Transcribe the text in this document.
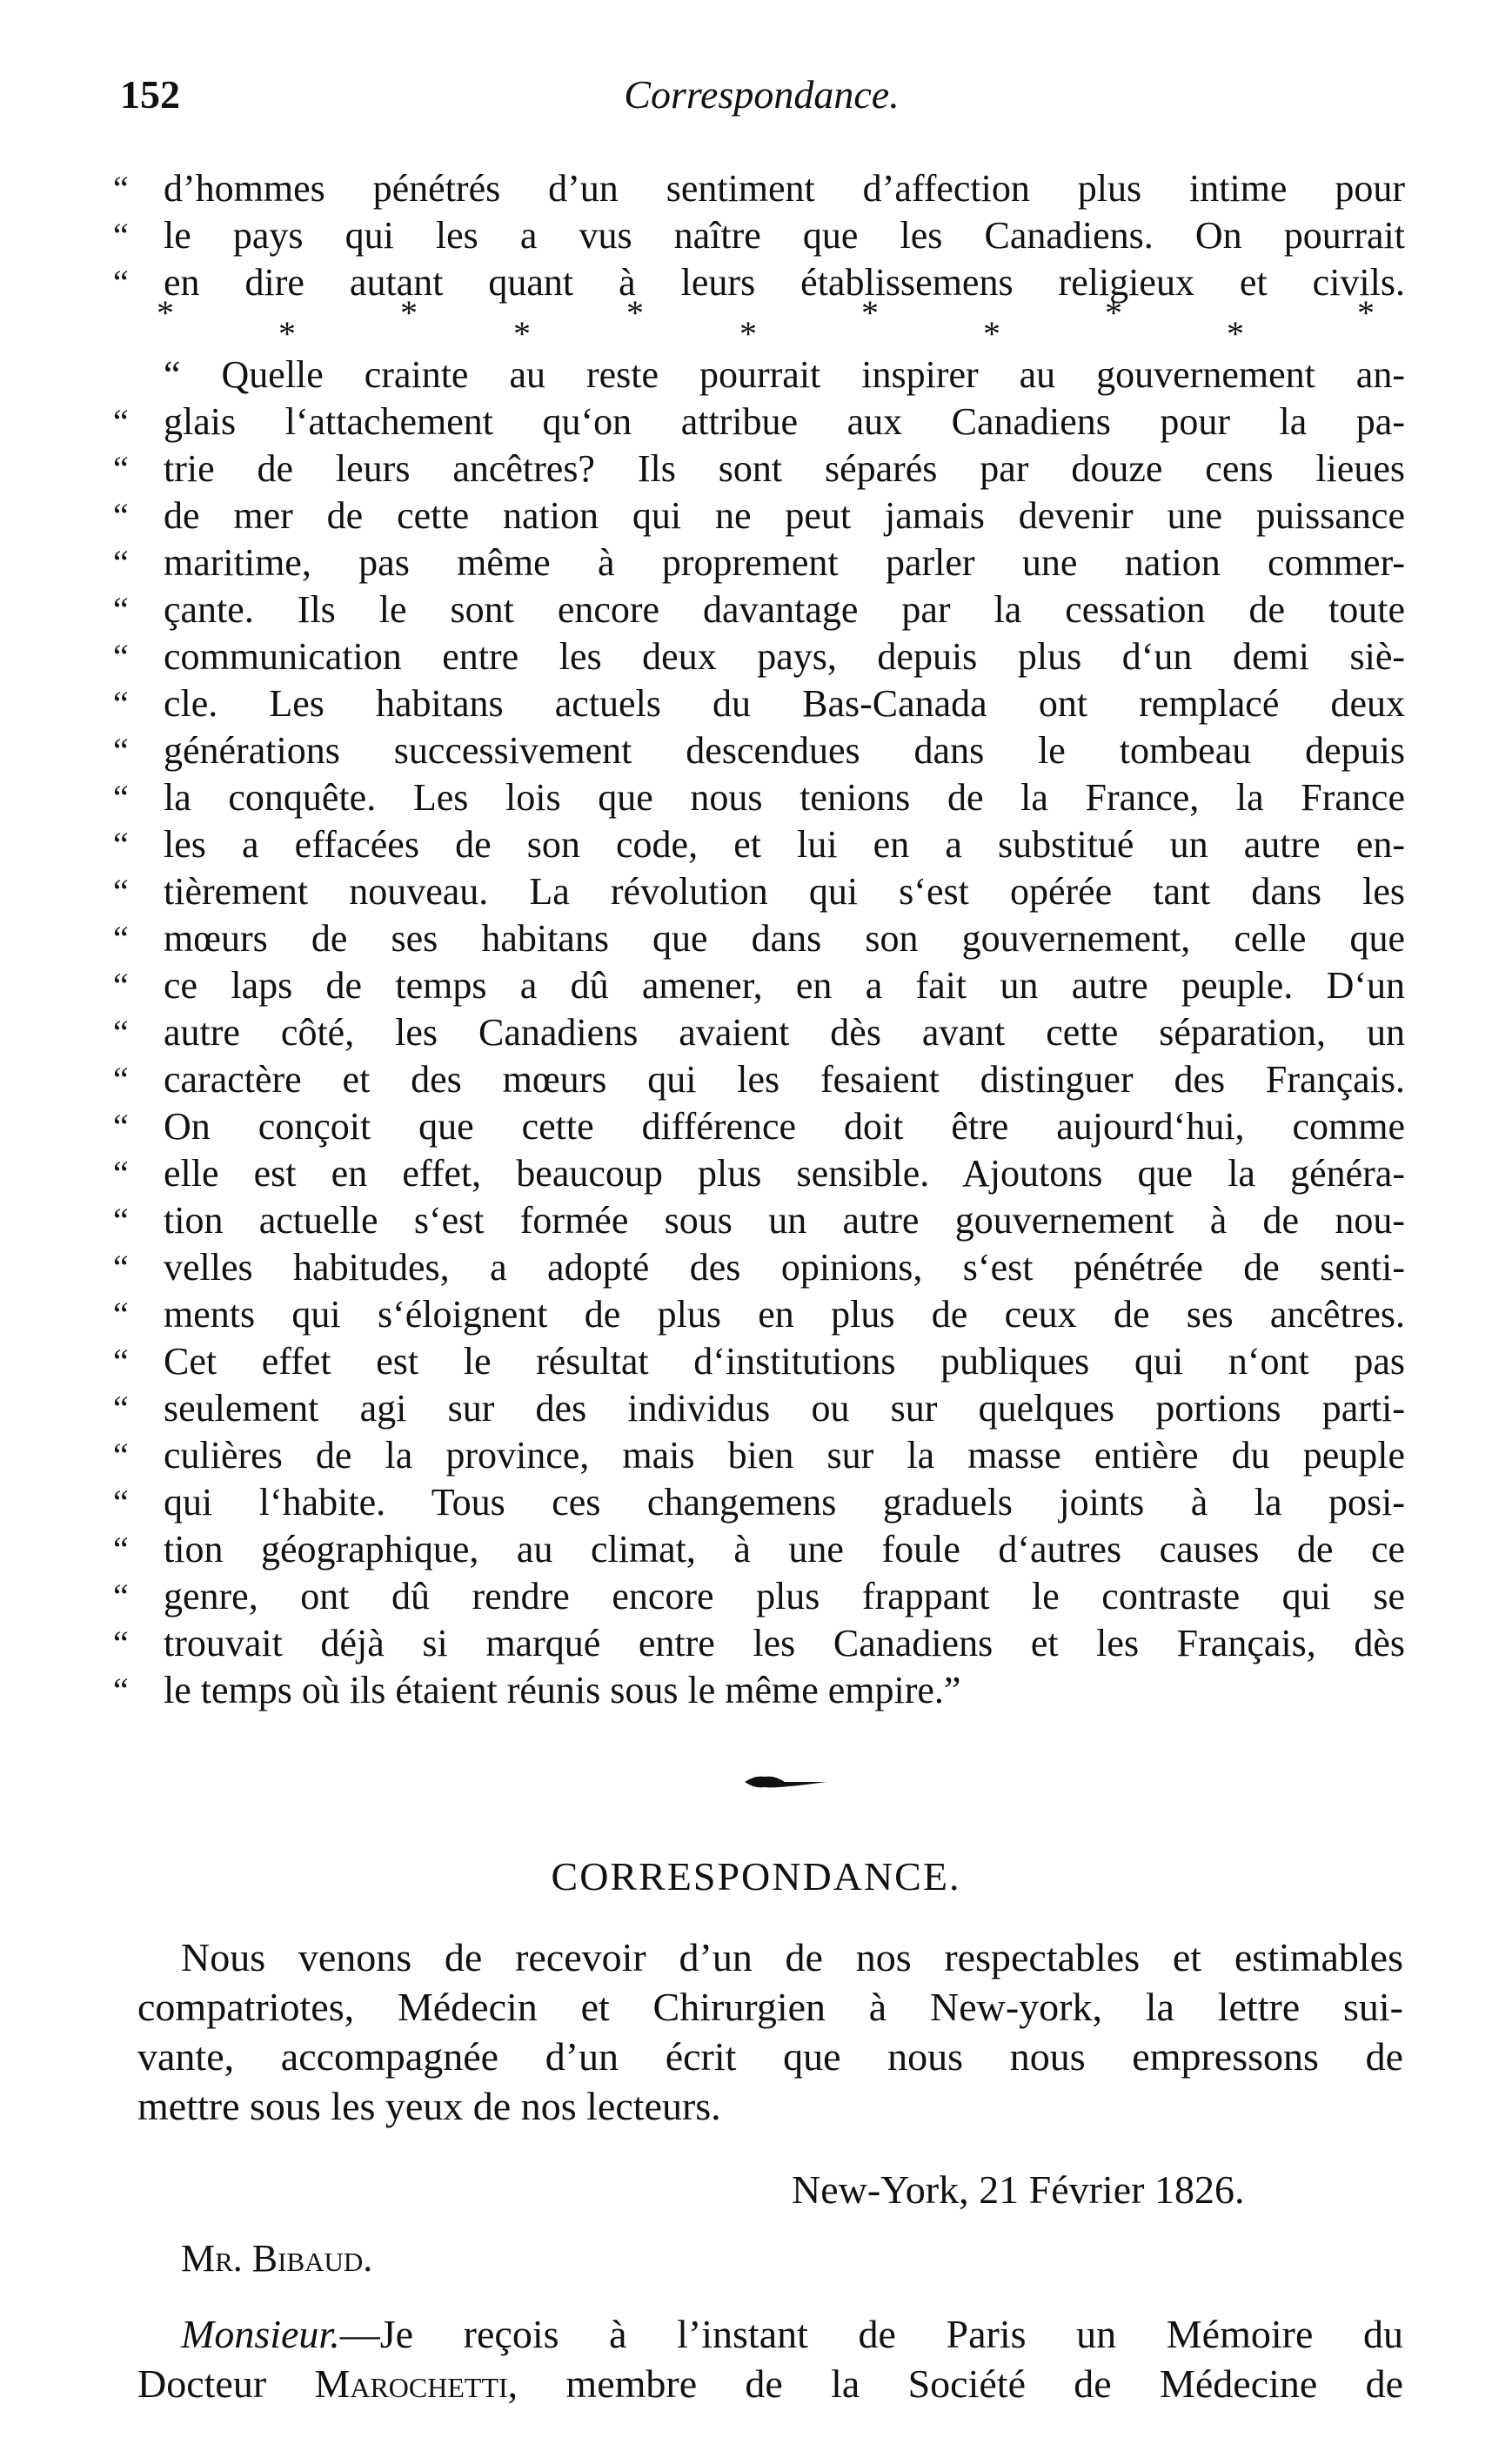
152	Correspondance.
“ d’hommes pénétrés d’un sentiment d’affection plus intime pour
“ le pays qui les a vus naître que les Canadiens. On pourrait
“ en dire autant quant à leurs établissemens religieux et civils.
*
*
*
*
*
*
*
*
*
*
*
“ Quelle crainte au reste pourrait inspirer au gouvernement an-
“ glais l‘attachement qu‘on attribue aux Canadiens pour la pa-
“ trie de leurs ancêtres? Ils sont séparés par douze cens lieues
“ de mer de cette nation qui ne peut jamais devenir une puissance
“ maritime, pas même à proprement parler une nation commer-
“ çante. Ils le sont encore davantage par la cessation de toute
“ communication entre les deux pays, depuis plus d‘un demi siè-
“ cle. Les habitans actuels du Bas-Canada ont remplacé deux
“ générations successivement descendues dans le tombeau depuis
“ la conquête. Les lois que nous tenions de la France, la France
“ les a effacées de son code, et lui en a substitué un autre en-
“ tièrement nouveau. La révolution qui s‘est opérée tant dans les
“ mœurs de ses habitans que dans son gouvernement, celle que
“ ce laps de temps a dû amener, en a fait un autre peuple. D‘un
“ autre côté, les Canadiens avaient dès avant cette séparation, un
“ caractère et des mœurs qui les fesaient distinguer des Français.
“ On conçoit que cette différence doit être aujourd‘hui, comme
“ elle est en effet, beaucoup plus sensible. Ajoutons que la généra-
“ tion actuelle s‘est formée sous un autre gouvernement à de nou-
“ velles habitudes, a adopté des opinions, s‘est pénétrée de senti-
“ ments qui s‘éloignent de plus en plus de ceux de ses ancêtres.
“ Cet effet est le résultat d‘institutions publiques qui n‘ont pas
“ seulement agi sur des individus ou sur quelques portions parti-
“ culières de la province, mais bien sur la masse entière du peuple
“ qui l‘habite. Tous ces changemens graduels joints à la posi-
“ tion géographique, au climat, à une foule d‘autres causes de ce
“ genre, ont dû rendre encore plus frappant le contraste qui se
“ trouvait déjà si marqué entre les Canadiens et les Français, dès
“ le temps où ils étaient réunis sous le même empire.”
CORRESPONDANCE.
Nous venons de recevoir d’un de nos respectables et estimables
compatriotes, Médecin et Chirurgien à New-york, la lettre sui-
vante, accompagnée d’un écrit que nous nous empressons de
mettre sous les yeux de nos lecteurs.
New-York, 21 Février 1826.
Mr. Bibaud.
Monsieur.—Je reçois à l’instant de Paris un Mémoire du
Docteur Marochetti, membre de la Société de Médecine de
